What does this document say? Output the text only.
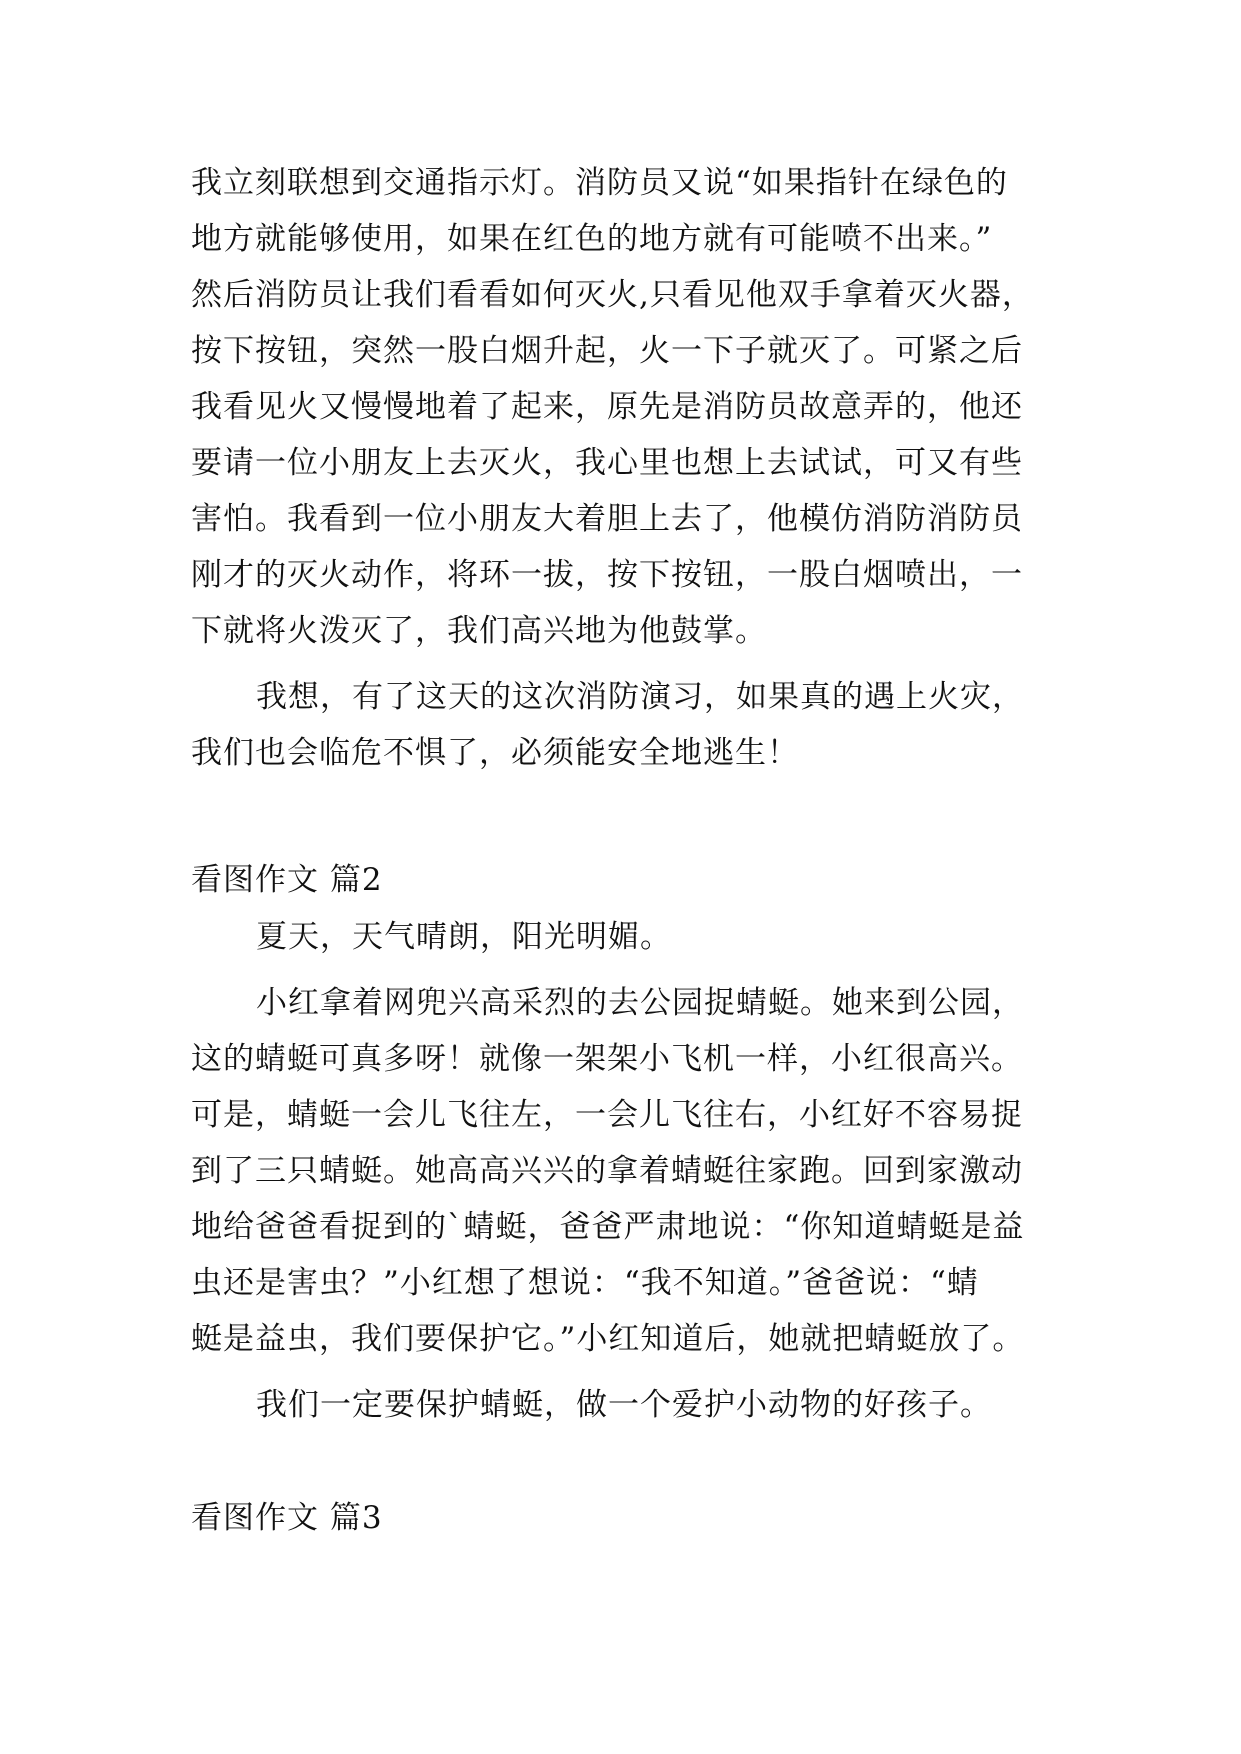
我立刻联想到交通指示灯。消防员又说“如果指针在绿色的
地方就能够使用，如果在红色的地方就有可能喷不出来。”
然后消防员让我们看看如何灭火,只看见他双手拿着灭火器，
按下按钮，突然一股白烟升起，火一下子就灭了。可紧之后
我看见火又慢慢地着了起来，原先是消防员故意弄的，他还
要请一位小朋友上去灭火，我心里也想上去试试，可又有些
害怕。我看到一位小朋友大着胆上去了，他模仿消防消防员
刚才的灭火动作，将环一拔，按下按钮，一股白烟喷出，一
下就将火泼灭了，我们高兴地为他鼓掌。
我想，有了这天的这次消防演习，如果真的遇上火灾，
我们也会临危不惧了，必须能安全地逃生！
看图作文 篇2
夏天，天气晴朗，阳光明媚。
小红拿着网兜兴高采烈的去公园捉蜻蜓。她来到公园，
这的蜻蜓可真多呀！就像一架架小飞机一样，小红很高兴。
可是，蜻蜓一会儿飞往左，一会儿飞往右，小红好不容易捉
到了三只蜻蜓。她高高兴兴的拿着蜻蜓往家跑。回到家激动
地给爸爸看捉到的`蜻蜓，爸爸严肃地说：“你知道蜻蜓是益
虫还是害虫？”小红想了想说：“我不知道。”爸爸说：“蜻
蜓是益虫，我们要保护它。”小红知道后，她就把蜻蜓放了。
我们一定要保护蜻蜓，做一个爱护小动物的好孩子。
看图作文 篇3
